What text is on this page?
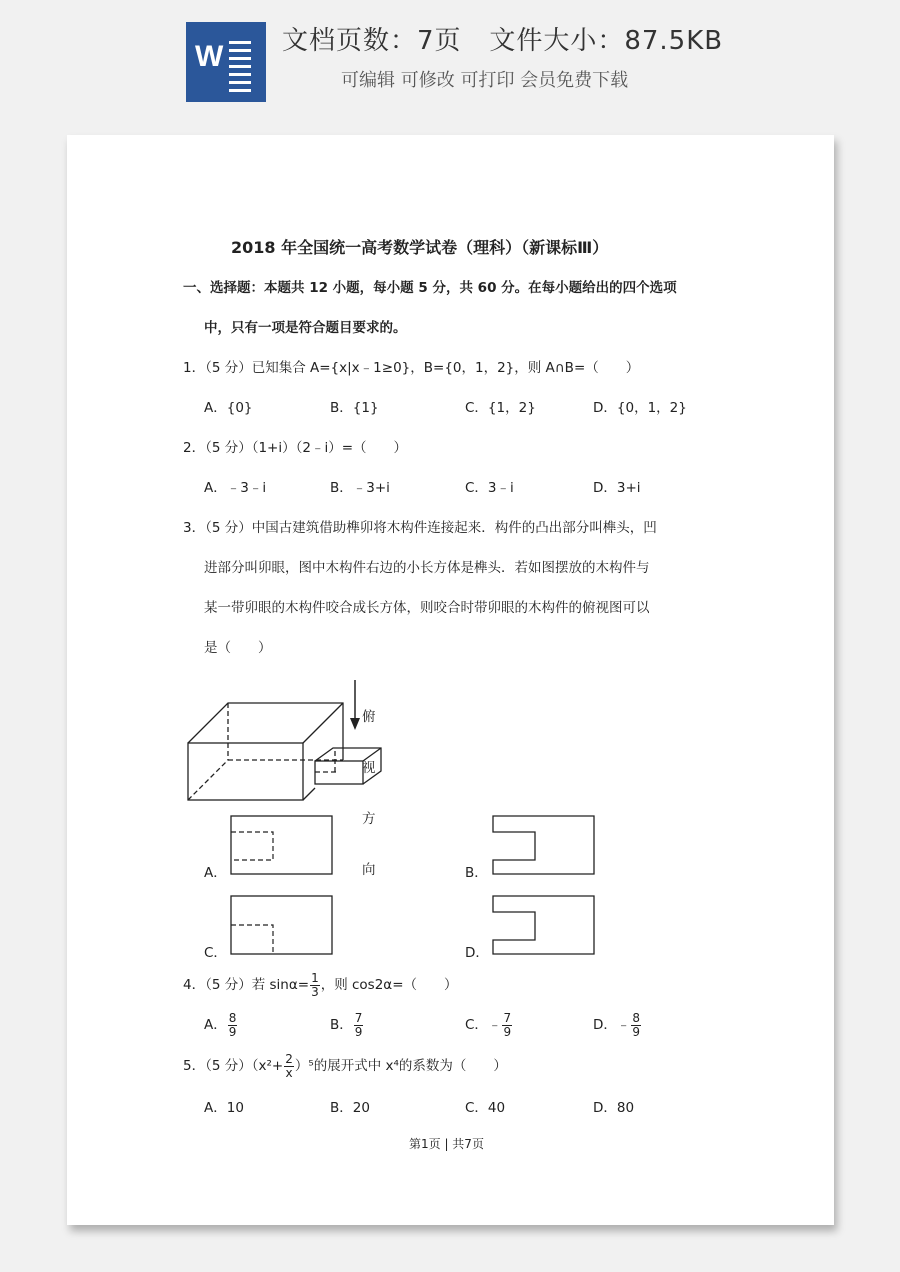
W 文档页数：7页   文件大小：87.5KB
可编辑 可修改 可打印 会员免费下载
2018 年全国统一高考数学试卷（理科）（新课标Ⅲ）
一、选择题：本题共 12 小题，每小题 5 分，共 60 分。在每小题给出的四个选项
中，只有一项是符合题目要求的。
1．（5 分）已知集合 A={x|x﹣1≥0}，B={0，1，2}，则 A∩B=（　　）
A．{0}	B．{1}	C．{1，2}	D．{0，1，2}
2．（5 分）（1+i）（2﹣i）=（　　）
A．﹣3﹣i	B．﹣3+i	C．3﹣i	D．3+i
3．（5 分）中国古建筑借助榫卯将木构件连接起来．构件的凸出部分叫榫头，凹
进部分叫卯眼，图中木构件右边的小长方体是榫头．若如图摆放的木构件与
某一带卯眼的木构件咬合成长方体，则咬合时带卯眼的木构件的俯视图可以
是（　　）

俯

视

方

向

A．	B．
C．	D．
4．（5 分）若 $\sin\alpha= \frac{1}{3}$ ，则 cos2α=（　　）
A． $\frac{8}{9}$	B． $\frac{7}{9}$	C．﹣ $\frac{7}{9}$	D．﹣ $\frac{8}{9}$
5．（5 分）$(x^2+ \frac{2}{x} )^5$的展开式中 x⁴的系数为（　　）
A．10	B．20	C．40	D．80
第1页 | 共7页
